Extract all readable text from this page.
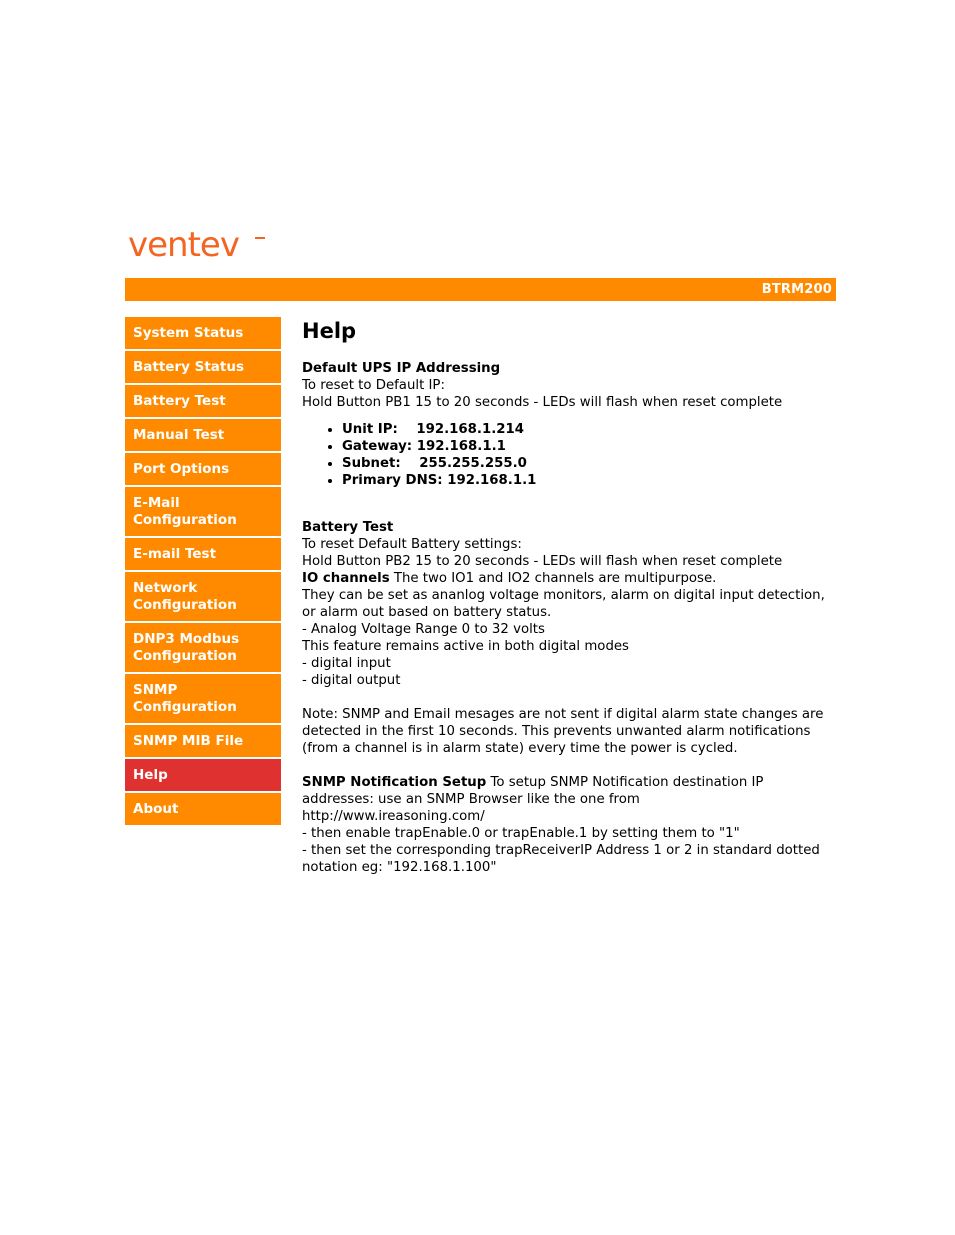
ventev
BTRM200
System Status
Battery Status
Battery Test
Manual Test
Port Options
E-Mail Configuration
E-mail Test
Network Configuration
DNP3 Modbus Configuration
SNMP Configuration
SNMP MIB File
Help
About
Help
Default UPS IP Addressing

To reset to Default IP:

Hold Button PB1 15 to 20 seconds - LEDs will flash when reset complete

• Unit IP:    192.168.1.214
• Gateway: 192.168.1.1
• Subnet:    255.255.255.0
• Primary DNS: 192.168.1.1
Battery Test

To reset Default Battery settings:

Hold Button PB2 15 to 20 seconds - LEDs will flash when reset complete

IO channels The two IO1 and IO2 channels are multipurpose.

They can be set as ananlog voltage monitors, alarm on digital input detection, or alarm out based on battery status.

- Analog Voltage Range 0 to 32 volts

This feature remains active in both digital modes

- digital input

- digital output

Note: SNMP and Email mesages are not sent if digital alarm state changes are detected in the first 10 seconds. This prevents unwanted alarm notifications (from a channel is in alarm state) every time the power is cycled.

SNMP Notification Setup To setup SNMP Notification destination IP addresses: use an SNMP Browser like the one from

http://www.ireasoning.com/

- then enable trapEnable.0 or trapEnable.1 by setting them to "1"

- then set the corresponding trapReceiverIP Address 1 or 2 in standard dotted notation eg: "192.168.1.100"
